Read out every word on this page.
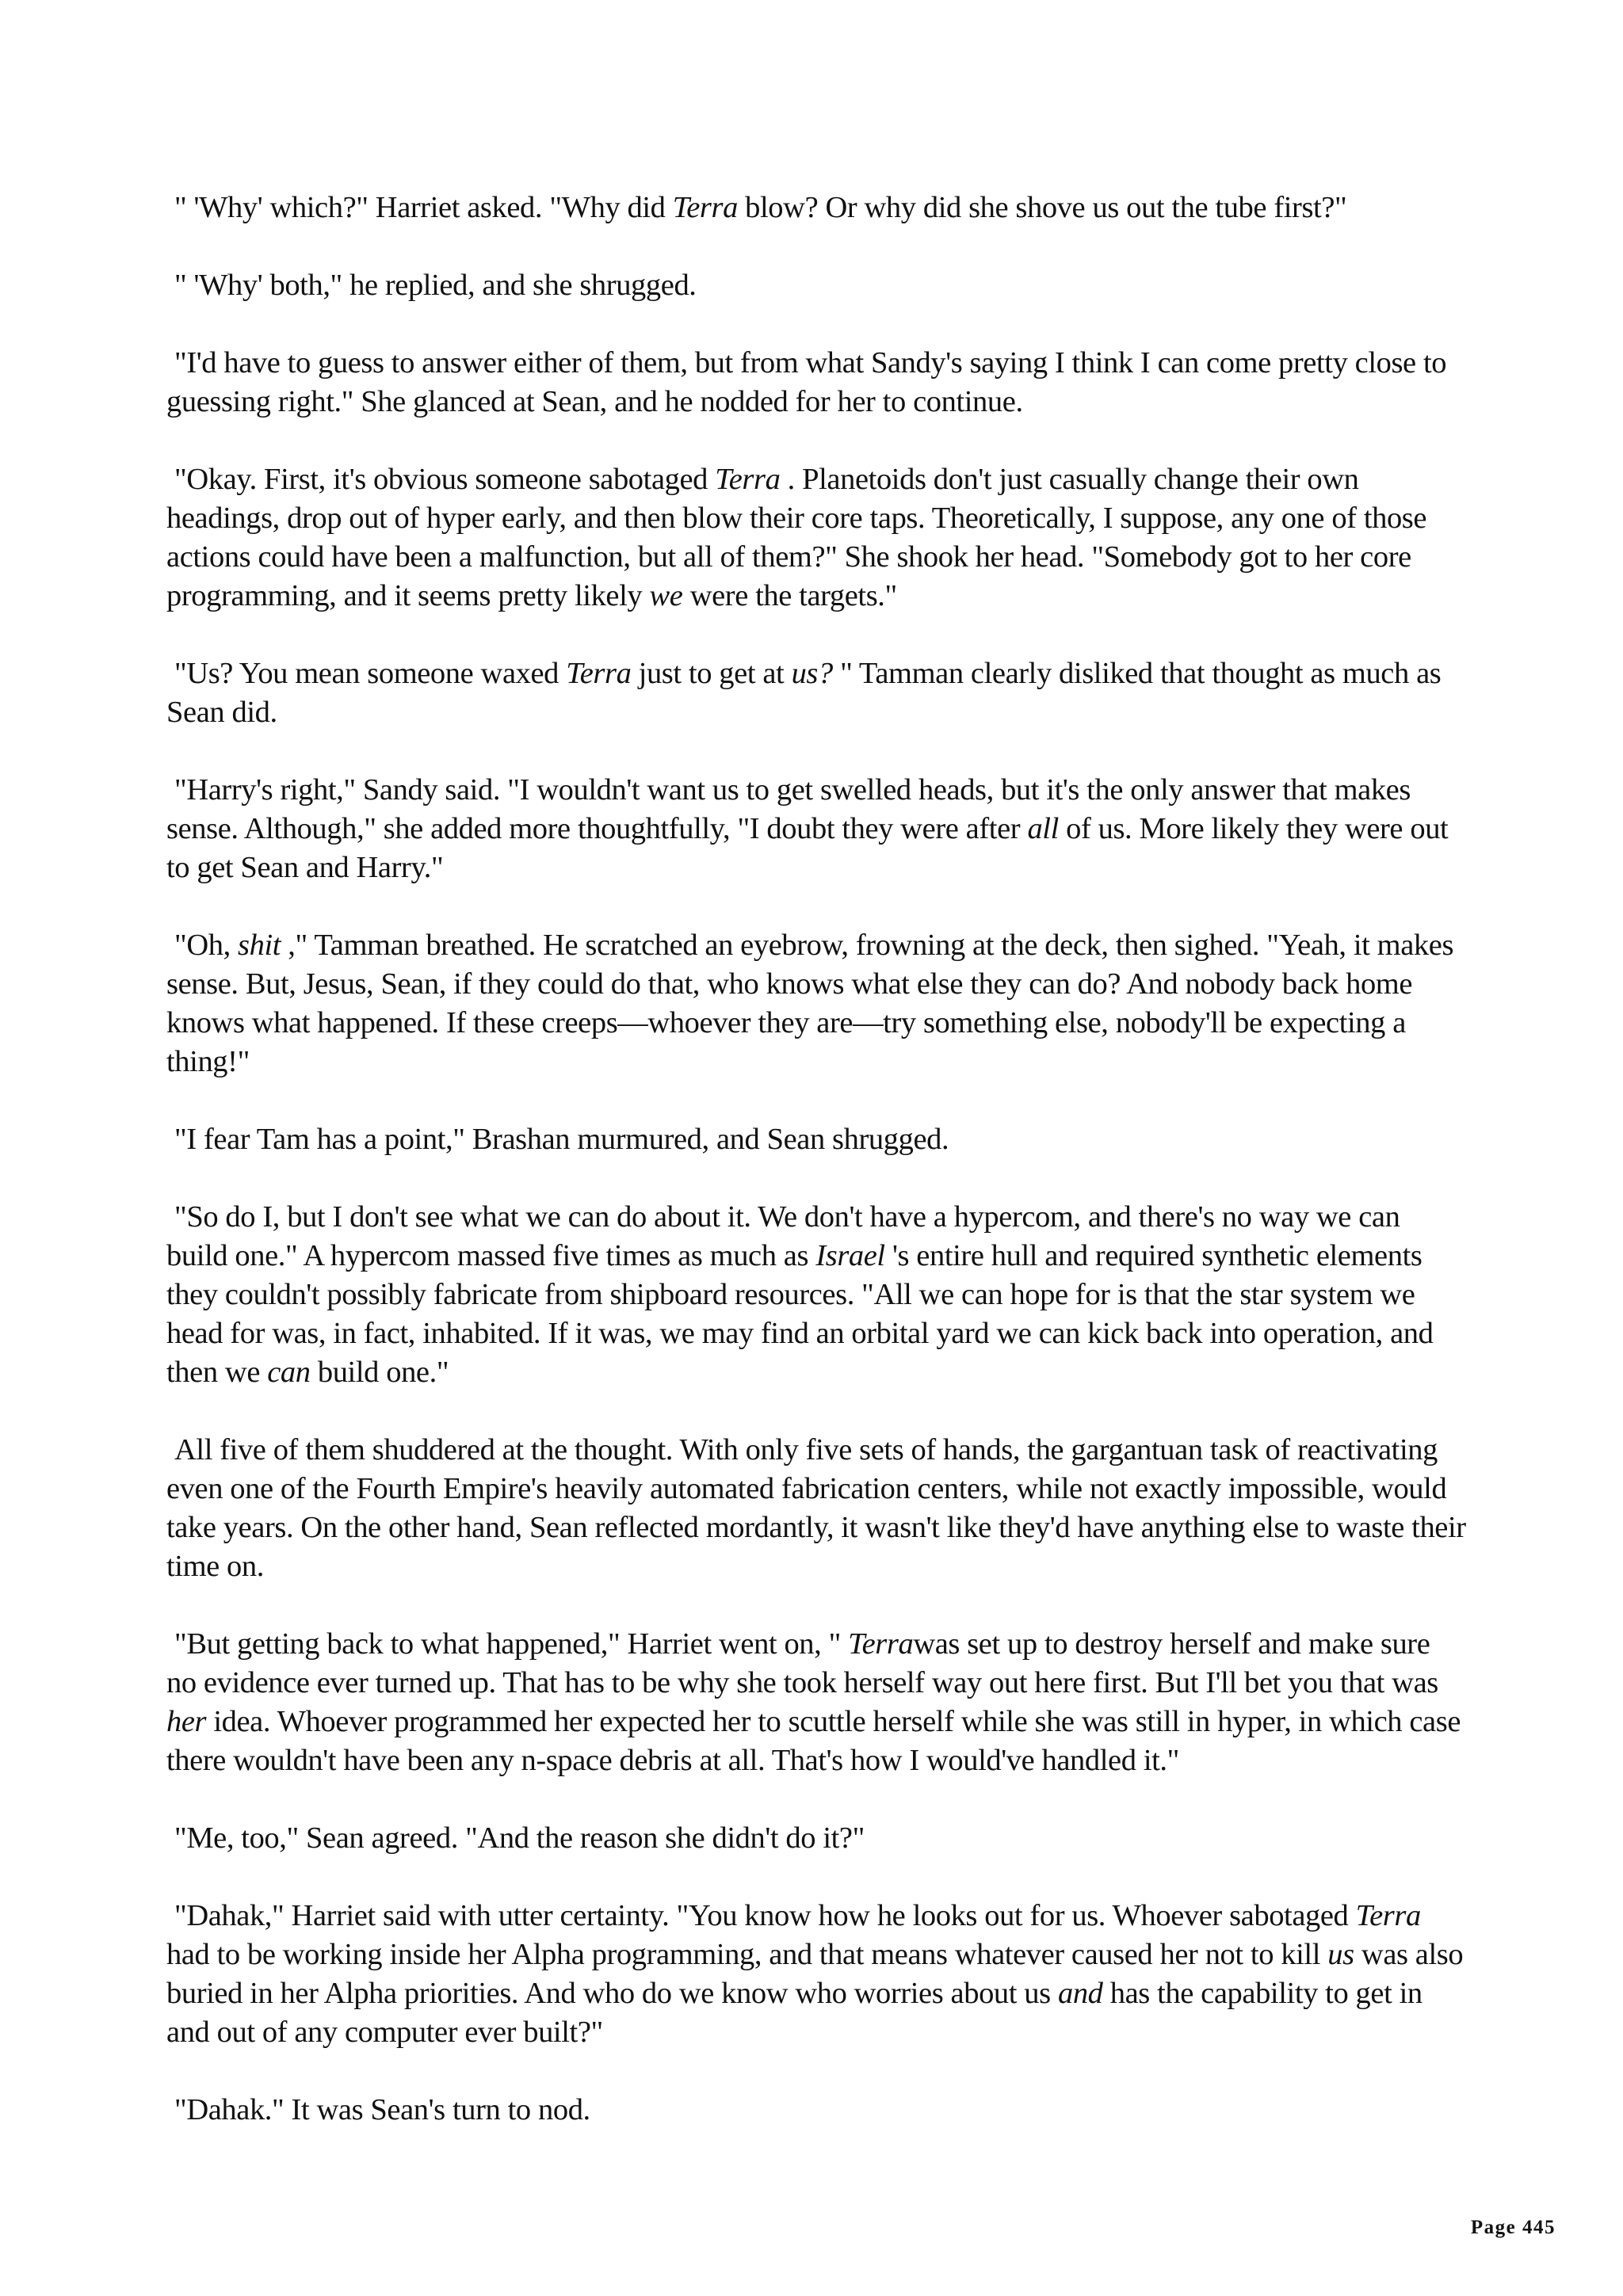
" 'Why' which?" Harriet asked. "Why did Terra blow? Or why did she shove us out the tube first?"

" 'Why' both," he replied, and she shrugged.

"I'd have to guess to answer either of them, but from what Sandy's saying I think I can come pretty close to guessing right." She glanced at Sean, and he nodded for her to continue.

"Okay. First, it's obvious someone sabotaged Terra . Planetoids don't just casually change their own headings, drop out of hyper early, and then blow their core taps. Theoretically, I suppose, any one of those actions could have been a malfunction, but all of them?" She shook her head. "Somebody got to her core programming, and it seems pretty likely we were the targets."

"Us? You mean someone waxed Terra just to get at us? " Tamman clearly disliked that thought as much as Sean did.

"Harry's right," Sandy said. "I wouldn't want us to get swelled heads, but it's the only answer that makes sense. Although," she added more thoughtfully, "I doubt they were after all of us. More likely they were out to get Sean and Harry."

"Oh, shit ," Tamman breathed. He scratched an eyebrow, frowning at the deck, then sighed. "Yeah, it makes sense. But, Jesus, Sean, if they could do that, who knows what else they can do? And nobody back home knows what happened. If these creeps—whoever they are—try something else, nobody'll be expecting a thing!"

"I fear Tam has a point," Brashan murmured, and Sean shrugged.

"So do I, but I don't see what we can do about it. We don't have a hypercom, and there's no way we can build one." A hypercom massed five times as much as Israel 's entire hull and required synthetic elements they couldn't possibly fabricate from shipboard resources. "All we can hope for is that the star system we head for was, in fact, inhabited. If it was, we may find an orbital yard we can kick back into operation, and then we can build one."

All five of them shuddered at the thought. With only five sets of hands, the gargantuan task of reactivating even one of the Fourth Empire's heavily automated fabrication centers, while not exactly impossible, would take years. On the other hand, Sean reflected mordantly, it wasn't like they'd have anything else to waste their time on.

"But getting back to what happened," Harriet went on, " Terrawas set up to destroy herself and make sure no evidence ever turned up. That has to be why she took herself way out here first. But I'll bet you that was her idea. Whoever programmed her expected her to scuttle herself while she was still in hyper, in which case there wouldn't have been any n-space debris at all. That's how I would've handled it."

"Me, too," Sean agreed. "And the reason she didn't do it?"

"Dahak," Harriet said with utter certainty. "You know how he looks out for us. Whoever sabotaged Terra had to be working inside her Alpha programming, and that means whatever caused her not to kill us was also buried in her Alpha priorities. And who do we know who worries about us and has the capability to get in and out of any computer ever built?"

"Dahak." It was Sean's turn to nod.

Page 445
